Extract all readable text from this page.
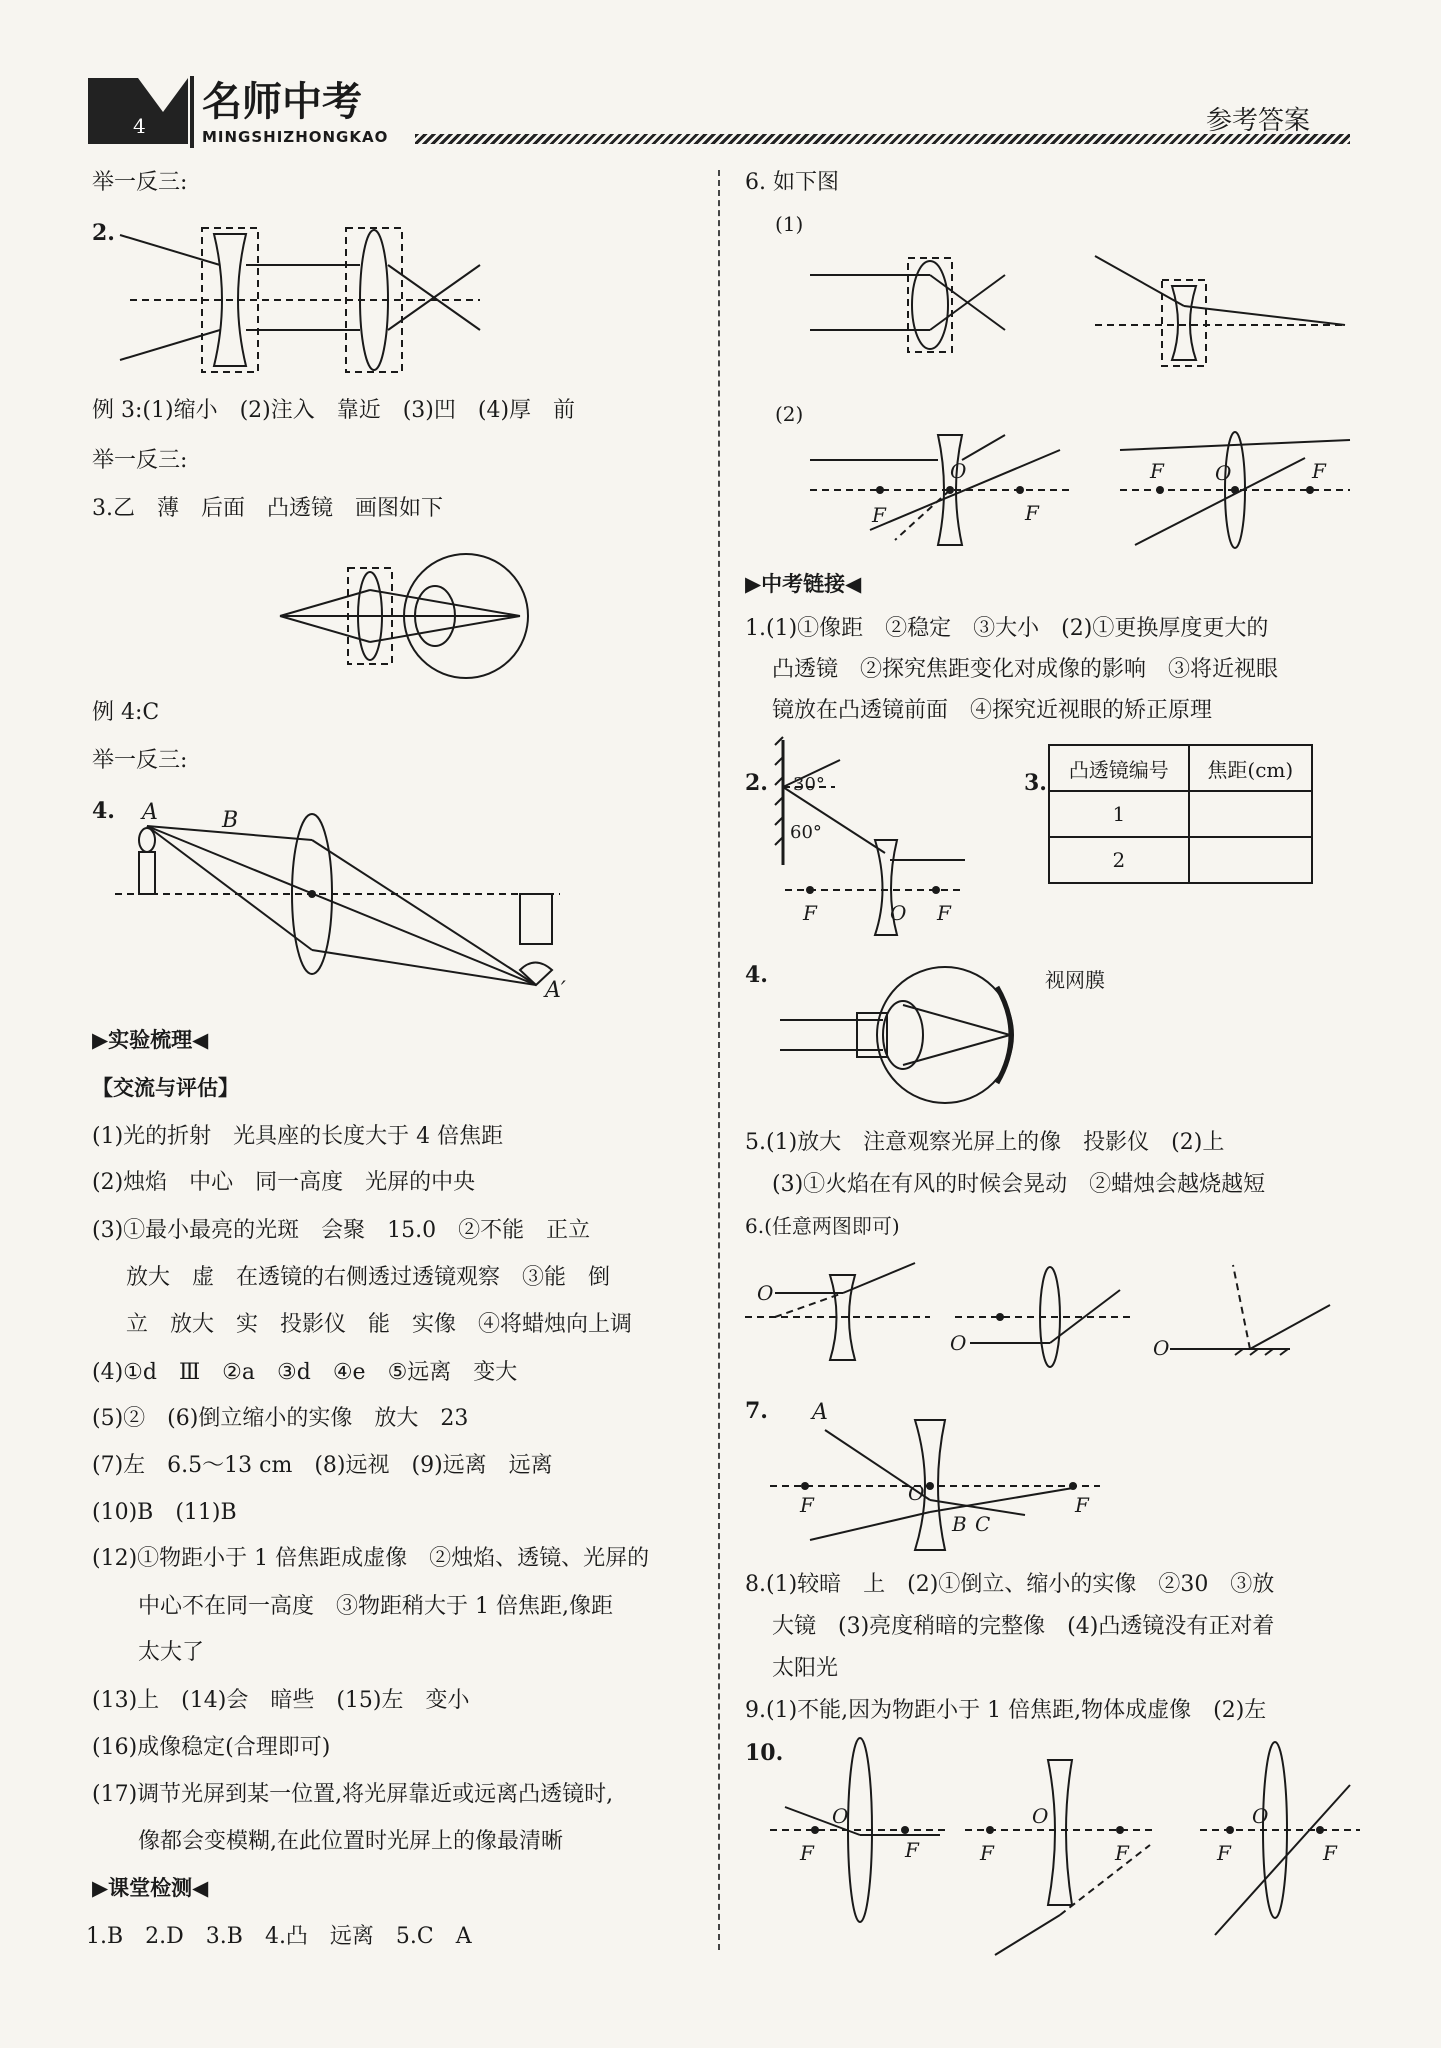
4
名师中考
MINGSHIZHONGKAO
参考答案
举一反三:
2.
例 3:(1)缩小　(2)注入　靠近　(3)凹　(4)厚　前
举一反三:
3.乙　薄　后面　凸透镜　画图如下
例 4:C
举一反三:
4. A	B
A′
▶实验梳理◀
【交流与评估】
(1)光的折射　光具座的长度大于 4 倍焦距
(2)烛焰　中心　同一高度　光屏的中央
(3)①最小最亮的光斑　会聚　15.0　②不能　正立
放大　虚　在透镜的右侧透过透镜观察　③能　倒
立　放大　实　投影仪　能　实像　④将蜡烛向上调
(4)①d　Ⅲ　②a　③d　④e　⑤远离　变大
(5)②　(6)倒立缩小的实像　放大　23
(7)左　6.5～13 cm　(8)远视　(9)远离　远离
(10)B　(11)B
(12)①物距小于 1 倍焦距成虚像　②烛焰、透镜、光屏的
中心不在同一高度　③物距稍大于 1 倍焦距,像距
太大了
(13)上　(14)会　暗些　(15)左　变小
(16)成像稳定(合理即可)
(17)调节光屏到某一位置,将光屏靠近或远离凸透镜时,
像都会变模糊,在此位置时光屏上的像最清晰
▶课堂检测◀
1.B　2.D　3.B　4.凸　远离　5.C　A
6. 如下图
(1)
(2)
F	F
O	F	F
O
▶中考链接◀
1.(1)①像距　②稳定　③大小　(2)①更换厚度更大的
凸透镜　②探究焦距变化对成像的影响　③将近视眼
镜放在凸透镜前面　④探究近视眼的矫正原理
2.
F	O F
30°
60°
3.
凸透镜编号	焦距(cm)
1	
2	
4.	视网膜
5.(1)放大　注意观察光屏上的像　投影仪　(2)上
(3)①火焰在有风的时候会晃动　②蜡烛会越烧越短
6.(任意两图即可)
O
O	O
7.
F	O	F
A
B C
8.(1)较暗　上　(2)①倒立、缩小的实像　②30　③放
大镜　(3)亮度稍暗的完整像　(4)凸透镜没有正对着
太阳光
9.(1)不能,因为物距小于 1 倍焦距,物体成虚像　(2)左
10.
F	F
O
F	F
O
F	F
O
